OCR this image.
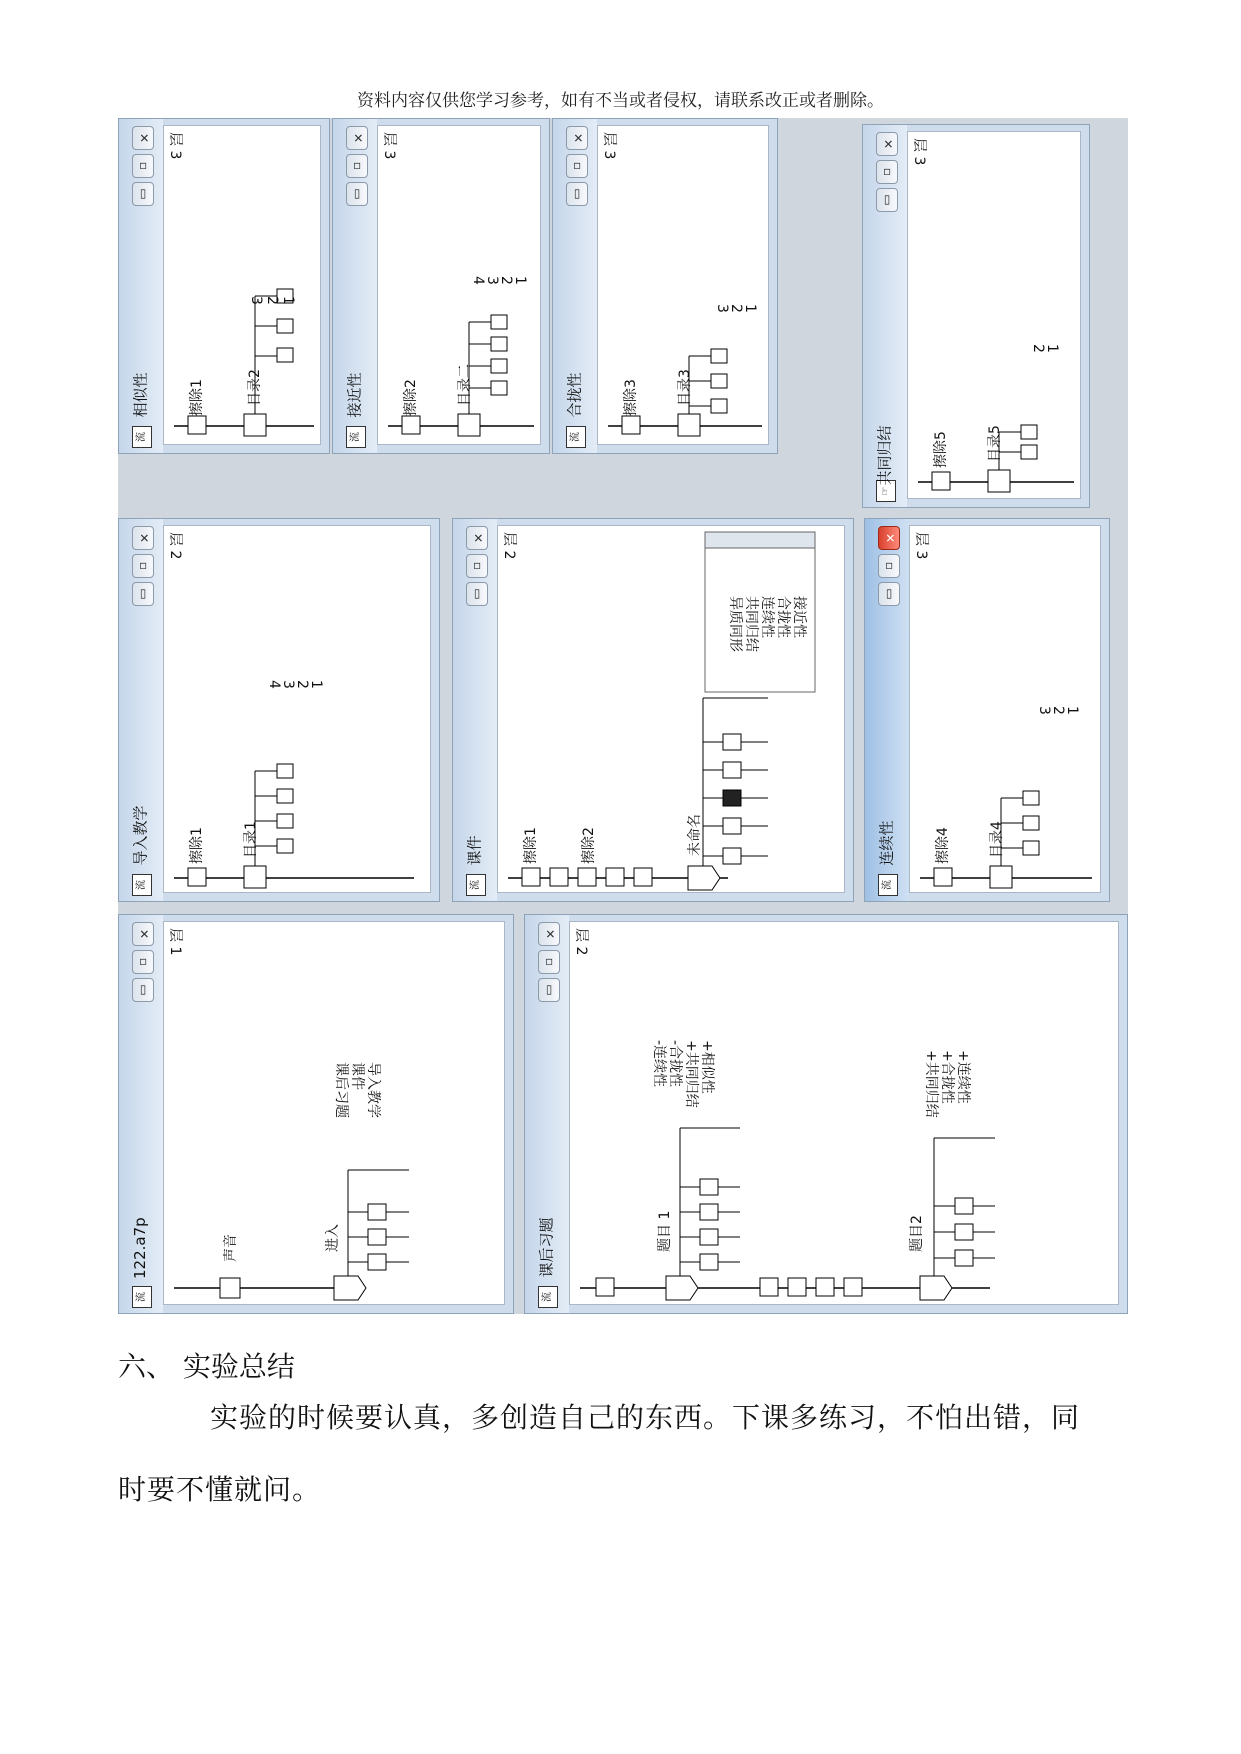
资料内容仅供您学习参考，如有不当或者侵权，请联系改正或者删除。
✕
▫
▭
流
相似性
层 3
擦除1	目录2
1
2
3
✕
▫
▭
流
接近性
层 3
擦除2	目录二
1
2
3
4
✕
▫
▭
流
合拢性
层 3
擦除3	目录3
1
2
3
✕
▫
▭
☞
共同归结
层 3
擦除5	目录5
1
2
✕
▫
▭
流
导入教学
层 2
擦除1	目录1
1
2
3
4
✕
▫
▭
流
课件
层 2
擦除1	擦除2	未命名
接近性
合拢性
连续性
共同归结
异质同形
✕
▫
▭
流
连续性
层 3
擦除4	目录4
1
2
3
✕
▫
▭
流
122.a7p
层 1
声音	进入
导入教学
课件
课后习题
✕
▫
▭
流
课后习题
层 2
题目 1	题目2
+相似性
+共同归结
-合拢性
-连续性	+连续性
+合拢性
+共同归结
六、 实验总结
实验的时候要认真，多创造自己的东西。下课多练习，不怕出错，同
时要不懂就问。
